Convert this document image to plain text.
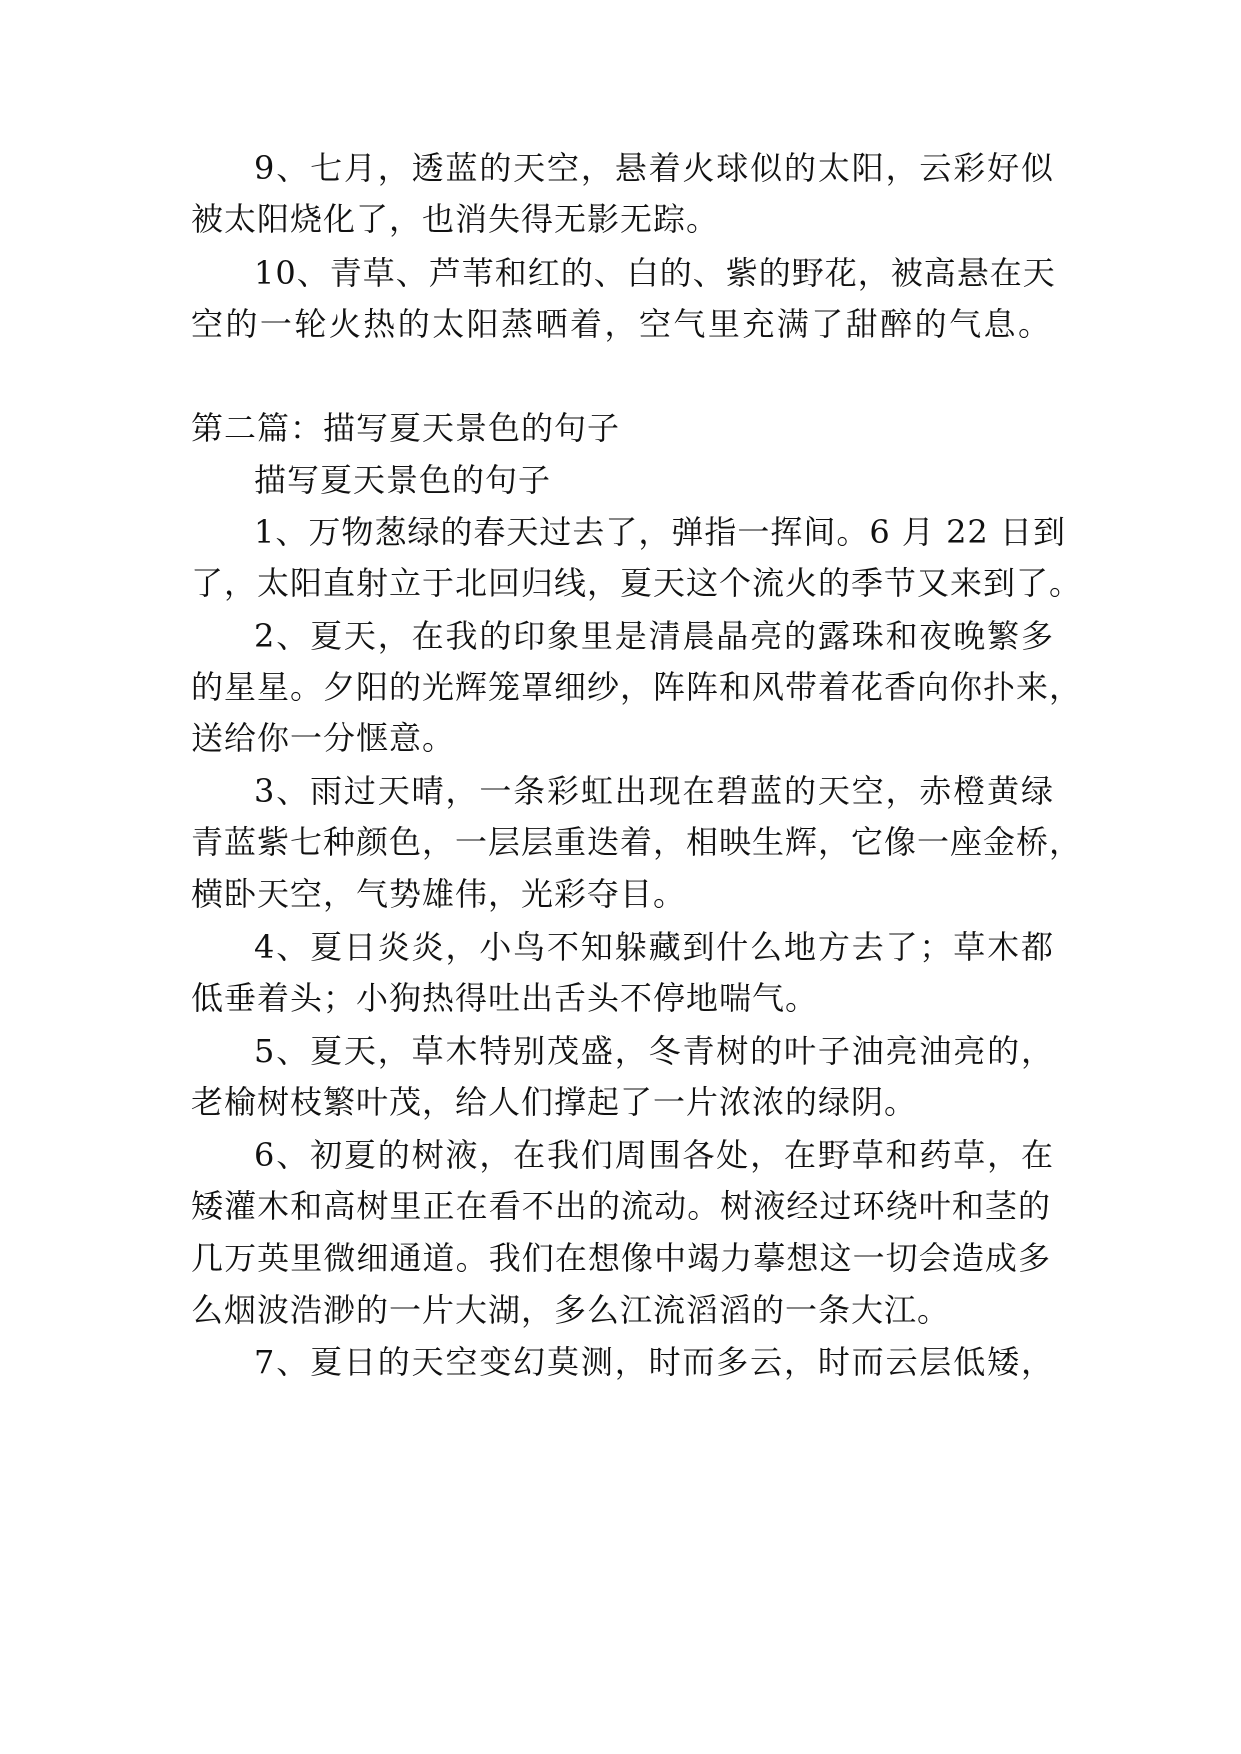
9、七月，透蓝的天空，悬着火球似的太阳，云彩好似
被太阳烧化了，也消失得无影无踪。
10、青草、芦苇和红的、白的、紫的野花，被高悬在天
空的一轮火热的太阳蒸晒着，空气里充满了甜醉的气息。
第二篇：描写夏天景色的句子
描写夏天景色的句子
1、万物葱绿的春天过去了，弹指一挥间。6 月 22 日到
了，太阳直射立于北回归线，夏天这个流火的季节又来到了。
2、夏天，在我的印象里是清晨晶亮的露珠和夜晚繁多
的星星。夕阳的光辉笼罩细纱，阵阵和风带着花香向你扑来，
送给你一分惬意。
3、雨过天晴，一条彩虹出现在碧蓝的天空，赤橙黄绿
青蓝紫七种颜色，一层层重迭着，相映生辉，它像一座金桥，
横卧天空，气势雄伟，光彩夺目。
4、夏日炎炎，小鸟不知躲藏到什么地方去了；草木都
低垂着头；小狗热得吐出舌头不停地喘气。
5、夏天，草木特别茂盛，冬青树的叶子油亮油亮的，
老榆树枝繁叶茂，给人们撑起了一片浓浓的绿阴。
6、初夏的树液，在我们周围各处，在野草和药草，在
矮灌木和高树里正在看不出的流动。树液经过环绕叶和茎的
几万英里微细通道。我们在想像中竭力摹想这一切会造成多
么烟波浩渺的一片大湖，多么江流滔滔的一条大江。
7、夏日的天空变幻莫测，时而多云，时而云层低矮，
